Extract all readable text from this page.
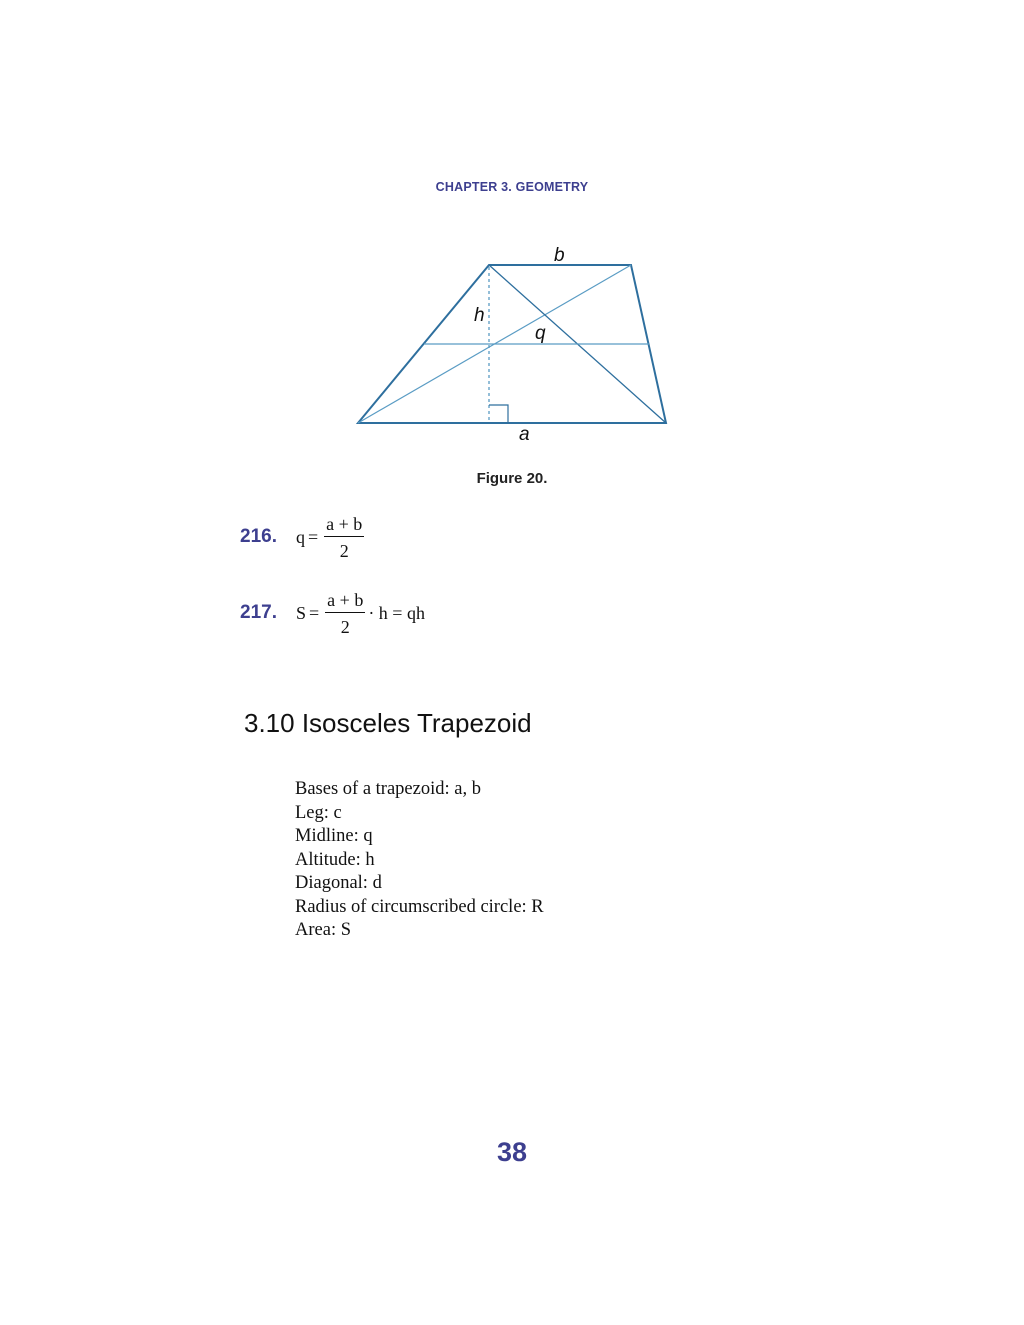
CHAPTER 3. GEOMETRY
b
h
q
a
Figure 20.
216.	$q = \frac{a + b}{2}$
217.	$S = \frac{a + b}{2} \cdot h$ = qh
3.10 Isosceles Trapezoid
Bases of a trapezoid: a, b
Leg: c
Midline: q
Altitude: h
Diagonal: d
Radius of circumscribed circle: R
Area: S
38
